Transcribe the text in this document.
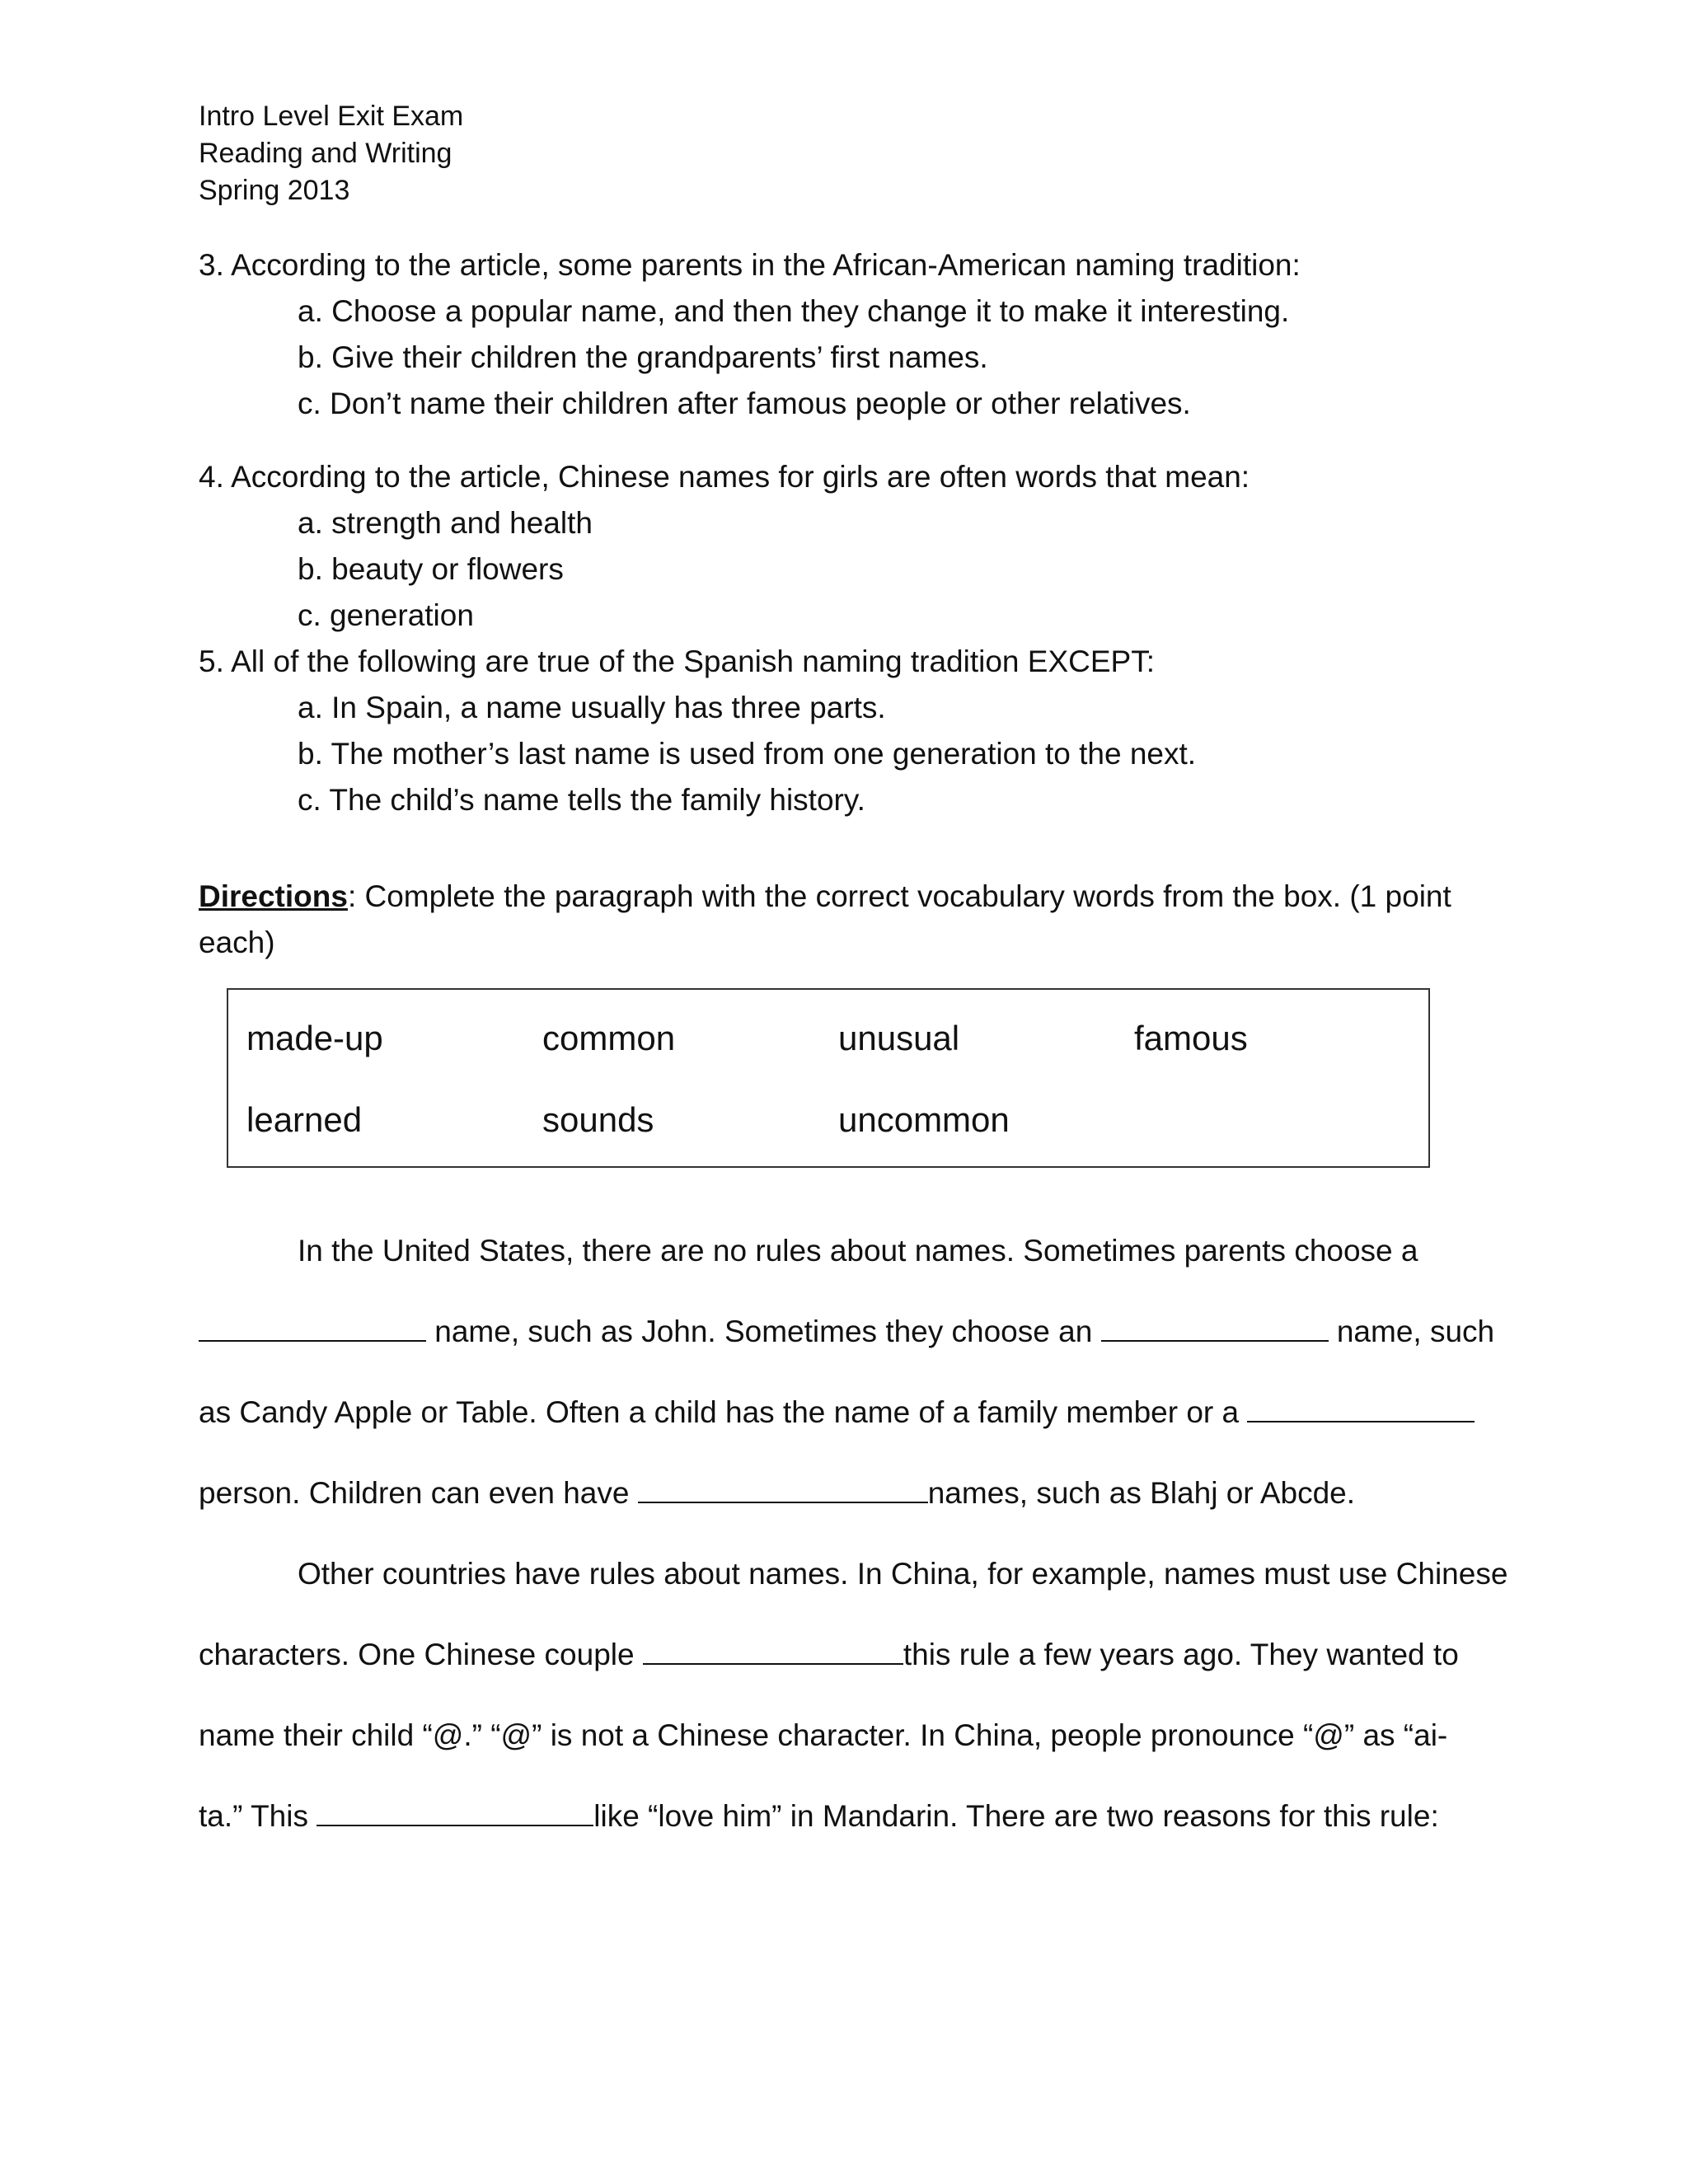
Intro Level Exit Exam
Reading and Writing
Spring 2013
3. According to the article, some parents in the African-American naming tradition:
a. Choose a popular name, and then they change it to make it interesting.
b. Give their children the grandparents’ first names.
c. Don’t name their children after famous people or other relatives.
4. According to the article, Chinese names for girls are often words that mean:
a. strength and health
b. beauty or flowers
c. generation
5. All of the following are true of the Spanish naming tradition EXCEPT:
a. In Spain, a name usually has three parts.
b. The mother’s last name is used from one generation to the next.
c. The child’s name tells the family history.
Directions: Complete the paragraph with the correct vocabulary words from the box. (1 point each)
made-up	common	unusual	famous
learned	sounds	uncommon
In the United States, there are no rules about names. Sometimes parents choose a
name, such as John. Sometimes they choose an	name, such
as Candy Apple or Table. Often a child has the name of a family member or a
person. Children can even have	names, such as Blahj or Abcde.
Other countries have rules about names. In China, for example, names must use Chinese
characters. One Chinese couple	this rule a few years ago. They wanted to
name their child “@.” “@” is not a Chinese character. In China, people pronounce “@” as “ai-
ta.” This	like “love him” in Mandarin. There are two reasons for this rule:
